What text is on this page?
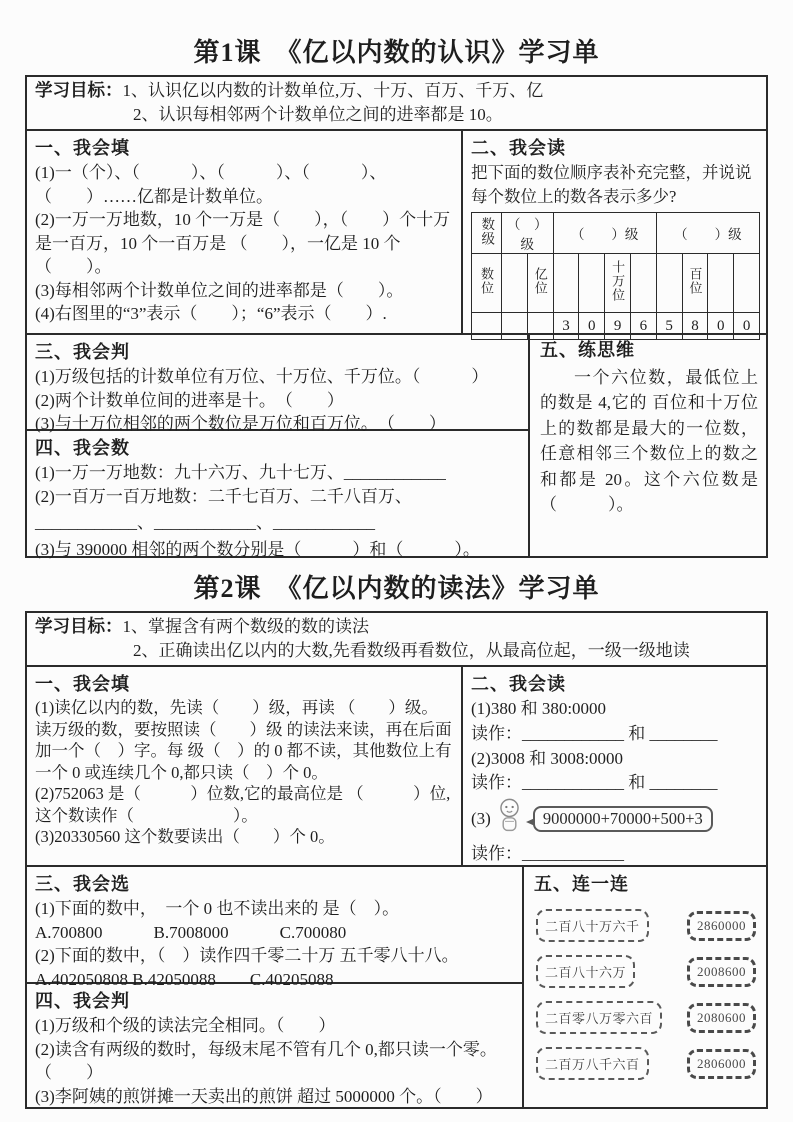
第1课　《亿以内数的认识》学习单
学习目标：1、认识亿以内数的计数单位,万、十万、百万、千万、亿
2、认识每相邻两个计数单位之间的进率都是 10。
一、我会填
(1)一（个）、（　　　）、（　　　）、（　　　）、（　　）……亿都是计数单位。
(2)一万一万地数，10 个一万是（　　），（　　）个十万是一百万，10 个一百万是 （　　），一亿是 10 个（　　）。
(3)每相邻两个计数单位之间的进率都是（　　）。
(4)右图里的“3”表示（　　）；“6”表示（　　）.
二、我会读
把下面的数位顺序表补充完整，并说说每个数位上的数各表示多少?
数级	（　）级		（　　）级				（　　）级			
数位		亿位			十万位			百位		
			3	0	9	6	5	8	0	0
三、我会判
(1)万级包括的计数单位有万位、十万位、千万位。（　　　）
(2)两个计数单位间的进率是十。　（　　）
(3)与十万位相邻的两个数位是万位和百万位。　（　　）
四、我会数
(1)一万一万地数：九十六万、九十七万、____________
(2)一百万一百万地数：二千七百万、二千八百万、
____________、____________、____________
(3)与 390000 相邻的两个数分别是（　　　）和（　　　）。
五、练思维
一个六位数，最低位上的数是 4,它的 百位和十万位上的数都是最大的一位数，任意相邻三个数位上的数之和都是 20。这个六位数是（　　　）。
第2课　《亿以内数的读法》学习单
学习目标：1、掌握含有两个数级的数的读法
2、正确读出亿以内的大数,先看数级再看数位，从最高位起，一级一级地读
一、我会填
(1)读亿以内的数，先读（　　）级，再读 （　　）级。读万级的数，要按照读（　　）级 的读法来读，再在后面加一个（　）字。每 级（　）的 0 都不读，其他数位上有一个 0 或连续几个 0,都只读（　）个 0。
(2)752063 是（　　　）位数,它的最高位是 （　　　）位,这个数读作（　　　　　　）。
(3)20330560 这个数要读出（　　）个 0。
二、我会读
(1)380 和 380:0000
读作：____________ 和 ________
(2)3008 和 3008:0000
读作：____________ 和 ________
(3)	9000000+70000+500+3
读作：____________
三、我会选
(1)下面的数中，　一个 0 也不读出来的 是（　）。
A.700800　　　B.7008000　　　C.700080
(2)下面的数中，（　）读作四千零二十万 五千零八十八。
A.402050808 B.42050088　　C.40205088
四、我会判
(1)万级和个级的读法完全相同。（　　）
(2)读含有两级的数时，每级末尾不管有几个 0,都只读一个零。（　　）
(3)李阿姨的煎饼摊一天卖出的煎饼 超过 5000000 个。（　　）
五、连一连
二百八十万六千	2860000
二百八十六万	2008600
二百零八万零六百	2080600
二百万八千六百	2806000
